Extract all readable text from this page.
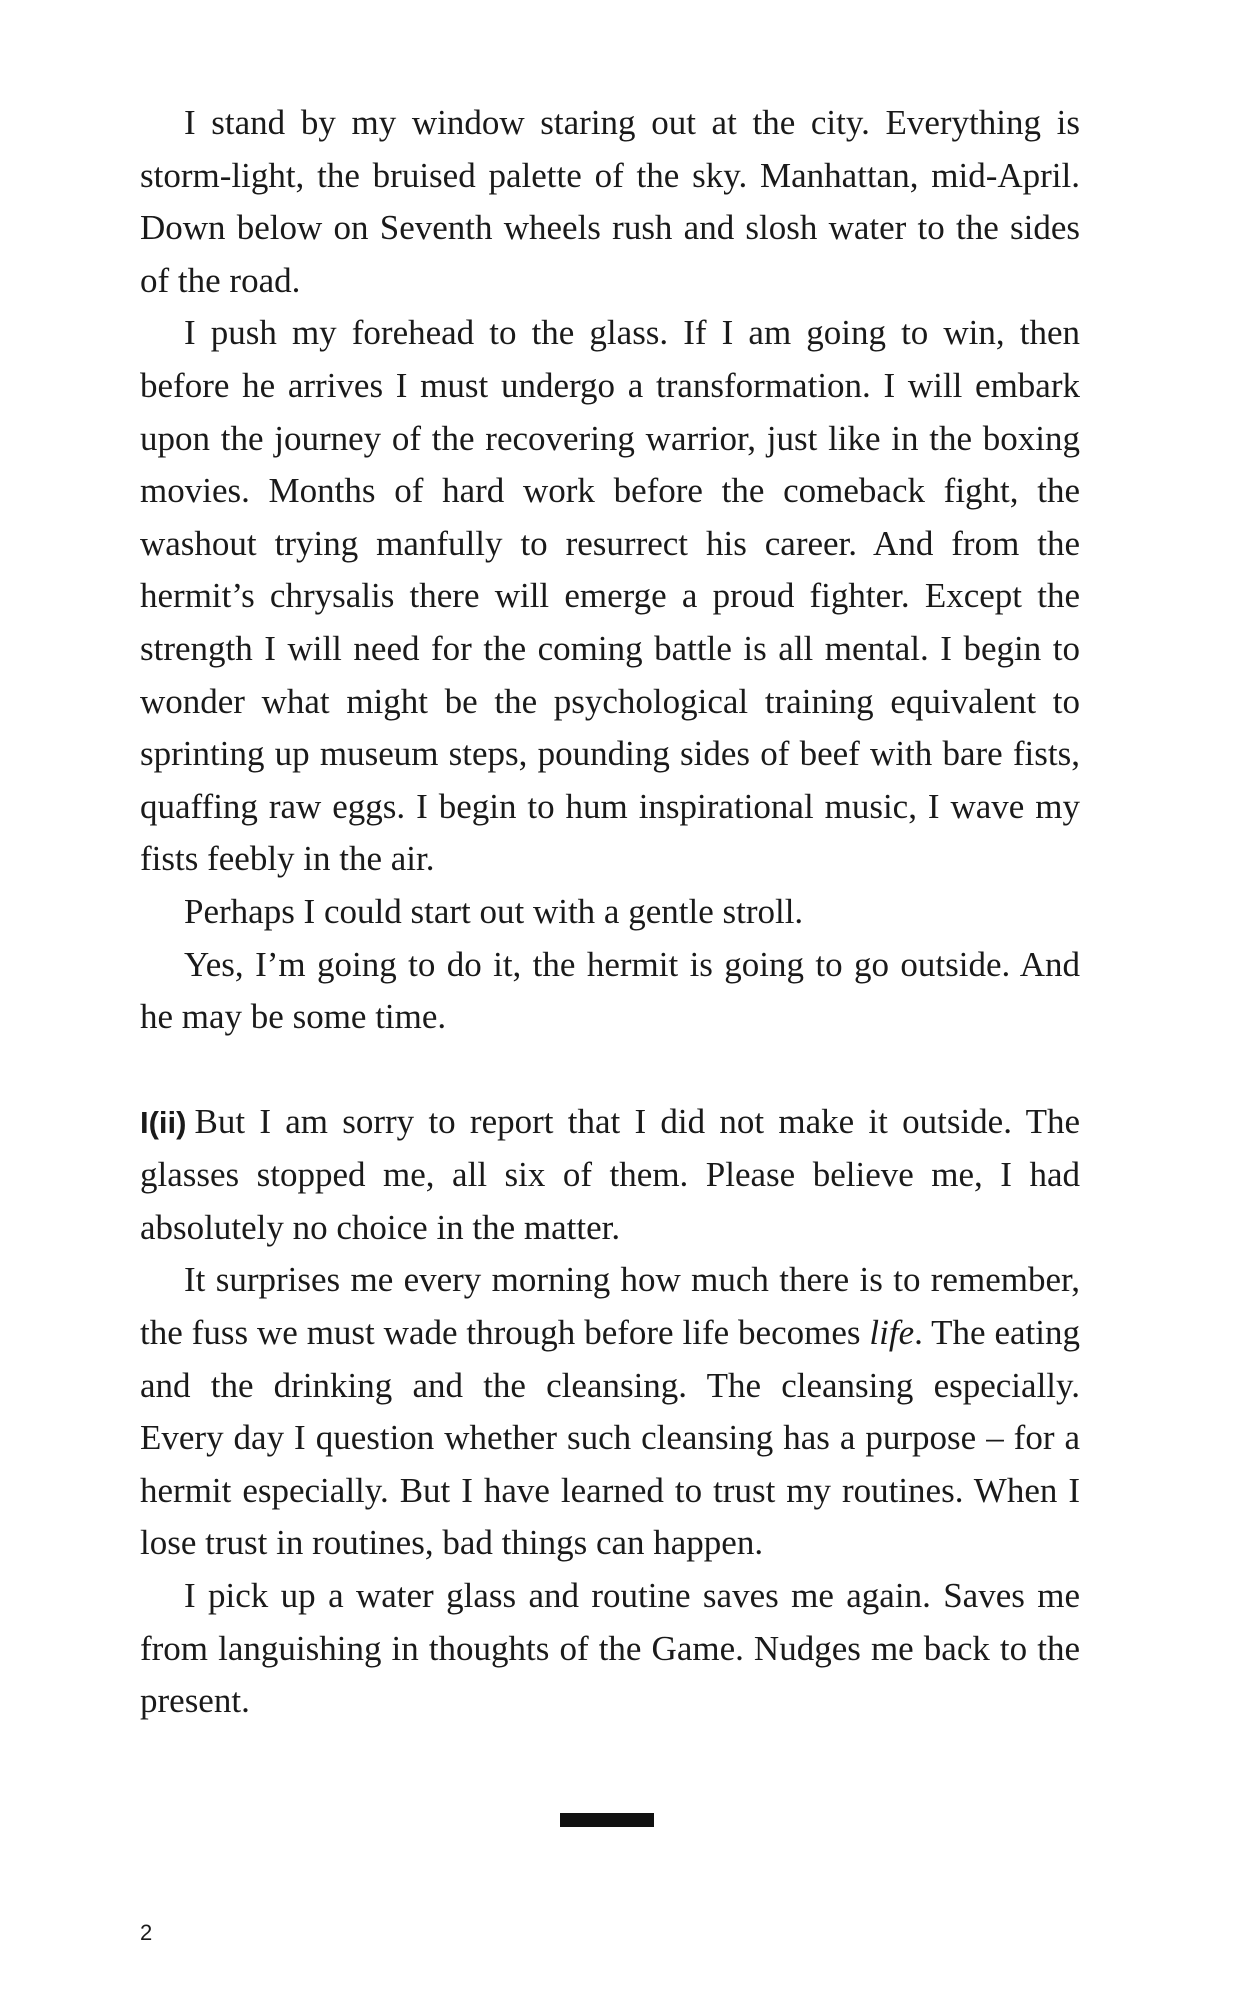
I stand by my window staring out at the city. Everything is storm-light, the bruised palette of the sky. Manhattan, mid-April. Down below on Seventh wheels rush and slosh water to the sides of the road.

I push my forehead to the glass. If I am going to win, then before he arrives I must undergo a transformation. I will embark upon the journey of the recovering warrior, just like in the boxing movies. Months of hard work before the comeback fight, the washout trying manfully to resurrect his career. And from the hermit’s chrysalis there will emerge a proud fighter. Except the strength I will need for the coming battle is all mental. I begin to wonder what might be the psychological training equivalent to sprinting up museum steps, pounding sides of beef with bare fists, quaffing raw eggs. I begin to hum inspirational music, I wave my fists feebly in the air.

Perhaps I could start out with a gentle stroll.

Yes, I’m going to do it, the hermit is going to go outside. And he may be some time.

I(ii) But I am sorry to report that I did not make it outside. The glasses stopped me, all six of them. Please believe me, I had absolutely no choice in the matter.

It surprises me every morning how much there is to remember, the fuss we must wade through before life becomes life. The eating and the drinking and the cleansing. The cleansing especially. Every day I question whether such cleansing has a purpose – for a hermit especially. But I have learned to trust my routines. When I lose trust in routines, bad things can happen.

I pick up a water glass and routine saves me again. Saves me from languishing in thoughts of the Game. Nudges me back to the present.

2
